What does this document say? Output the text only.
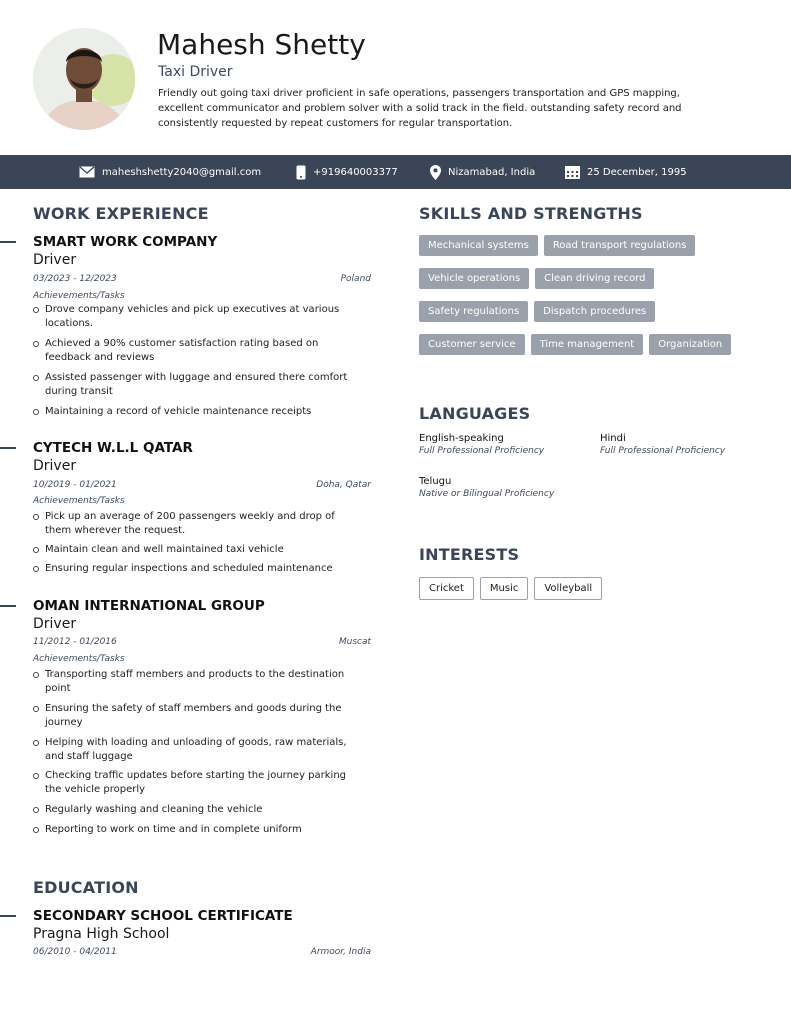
Mahesh Shetty
Taxi Driver
Friendly out going taxi driver proficient in safe operations, passengers transportation and GPS mapping, excellent communicator and problem solver with a solid track in the field. outstanding safety record and consistently requested by repeat customers for regular transportation.
maheshshetty2040@gmail.com	+919640003377	Nizamabad, India	25 December, 1995
WORK EXPERIENCE
SMART WORK COMPANY
Driver
03/2023 - 12/2023	Poland
Achievements/Tasks
Drove company vehicles and pick up executives at various locations.
Achieved a 90% customer satisfaction rating based on feedback and reviews
Assisted passenger with luggage and ensured there comfort during transit
Maintaining a record of vehicle maintenance receipts
CYTECH W.L.L QATAR
Driver
10/2019 - 01/2021	Doha, Qatar
Achievements/Tasks
Pick up an average of 200 passengers weekly and drop of them wherever the request.
Maintain clean and well maintained taxi vehicle
Ensuring regular inspections and scheduled maintenance
OMAN INTERNATIONAL GROUP
Driver
11/2012 - 01/2016	Muscat
Achievements/Tasks
Transporting staff members and products to the destination point
Ensuring the safety of staff members and goods during the journey
Helping with loading and unloading of goods, raw materials, and staff luggage
Checking traffic updates before starting the journey parking the vehicle properly
Regularly washing and cleaning the vehicle
Reporting to work on time and in complete uniform
EDUCATION
SECONDARY SCHOOL CERTIFICATE
Pragna High School
06/2010 - 04/2011	Armoor, India
SKILLS AND STRENGTHS
Mechanical systems	Road transport regulations
Vehicle operations	Clean driving record
Safety regulations	Dispatch procedures
Customer service	Time management	Organization
LANGUAGES
English-speaking
Full Professional Proficiency
Hindi
Full Professional Proficiency
Telugu
Native or Bilingual Proficiency
INTERESTS
Cricket	Music	Volleyball
